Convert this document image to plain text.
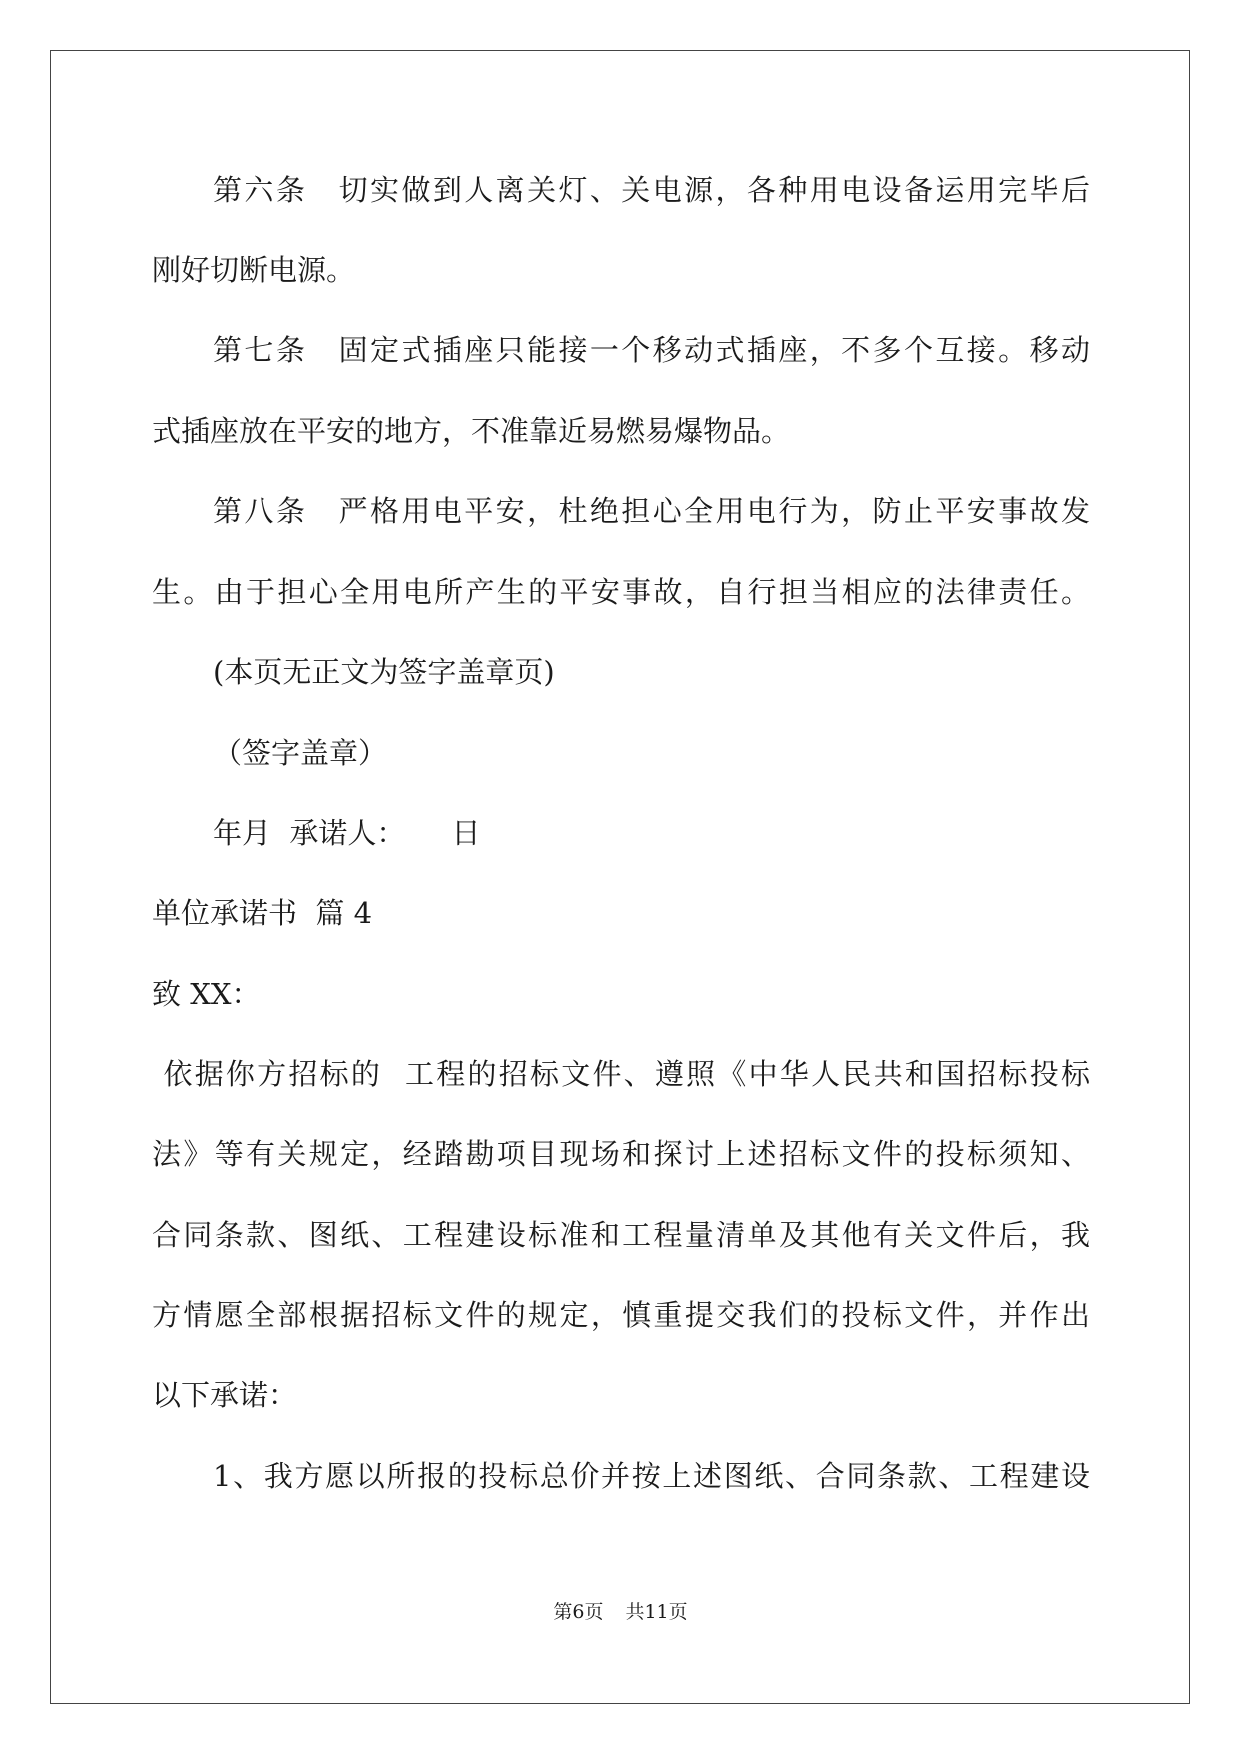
第六条　切实做到人离关灯、关电源，各种用电设备运用完毕后
刚好切断电源。
第七条　固定式插座只能接一个移动式插座，不多个互接。移动
式插座放在平安的地方，不准靠近易燃易爆物品。
第八条　严格用电平安，杜绝担心全用电行为，防止平安事故发
生。由于担心全用电所产生的平安事故，自行担当相应的法律责任。
(本页无正文为签字盖章页)
（签字盖章）
年月  承诺人：     日
单位承诺书  篇 4
致 XX：
依据你方招标的  工程的招标文件、遵照《中华人民共和国招标投标
法》等有关规定，经踏勘项目现场和探讨上述招标文件的投标须知、
合同条款、图纸、工程建设标准和工程量清单及其他有关文件后，我
方情愿全部根据招标文件的规定，慎重提交我们的投标文件，并作出
以下承诺：
1、我方愿以所报的投标总价并按上述图纸、合同条款、工程建设
第6页 共11页
